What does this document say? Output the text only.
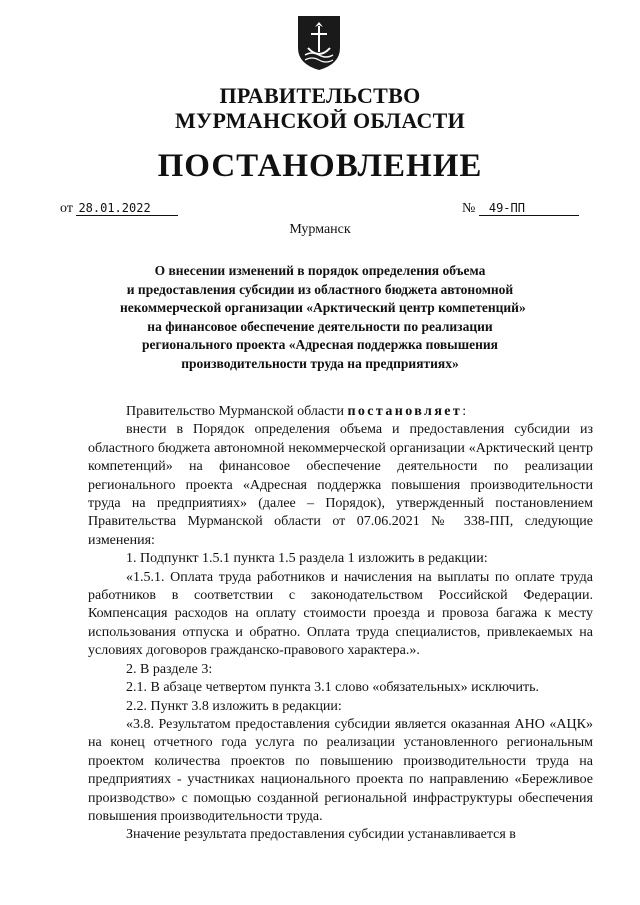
ПРАВИТЕЛЬСТВО
МУРМАНСКОЙ ОБЛАСТИ
ПОСТАНОВЛЕНИЕ
от 28.01.2022	№ 49-ПП
Мурманск
О внесении изменений в порядок определения объема
и предоставления субсидии из областного бюджета автономной
некоммерческой организации «Арктический центр компетенций»
на финансовое обеспечение деятельности по реализации
регионального проекта «Адресная поддержка повышения
производительности труда на предприятиях»
Правительство Мурманской области постановляет:

внести в Порядок определения объема и предоставления субсидии из областного бюджета автономной некоммерческой организации «Арктический центр компетенций» на финансовое обеспечение деятельности по реализации регионального проекта «Адресная поддержка повышения производительности труда на предприятиях» (далее – Порядок), утвержденный постановлением Правительства Мурманской области от 07.06.2021 № 338-ПП, следующие изменения:

1. Подпункт 1.5.1 пункта 1.5 раздела 1 изложить в редакции:

«1.5.1. Оплата труда работников и начисления на выплаты по оплате труда работников в соответствии с законодательством Российской Федерации. Компенсация расходов на оплату стоимости проезда и провоза багажа к месту использования отпуска и обратно. Оплата труда специалистов, привлекаемых на условиях договоров гражданско-правового характера.».

2. В разделе 3:

2.1. В абзаце четвертом пункта 3.1 слово «обязательных» исключить.

2.2. Пункт 3.8 изложить в редакции:

«3.8. Результатом предоставления субсидии является оказанная АНО «АЦК» на конец отчетного года услуга по реализации установленного региональным проектом количества проектов по повышению производительности труда на предприятиях - участниках национального проекта по направлению «Бережливое производство» с помощью созданной региональной инфраструктуры обеспечения повышения производительности труда.

Значение результата предоставления субсидии устанавливается в
